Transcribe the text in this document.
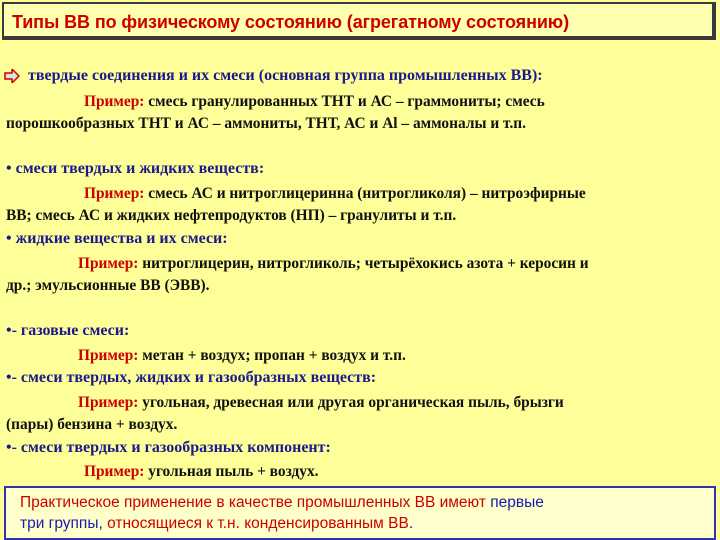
Типы ВВ по физическому состоянию (агрегатному состоянию)
твердые соединения и их смеси (основная группа промышленных ВВ):
Пример: смесь гранулированных ТНТ и АС – граммониты; смесь
порошкообразных ТНТ и АС – аммониты, ТНТ, АС и Al – аммоналы и т.п.
• смеси твердых и жидких веществ:
Пример: смесь АС и нитроглицеринна (нитрогликоля) – нитроэфирные
ВВ; смесь АС и жидких нефтепродуктов (НП) – гранулиты и т.п.
• жидкие вещества и их смеси:
Пример: нитроглицерин, нитрогликоль; четырёхокись азота + керосин и
др.; эмульсионные ВВ (ЭВВ).
•- газовые смеси:
Пример: метан + воздух; пропан + воздух и т.п.
•- смеси твердых, жидких и газообразных веществ:
Пример: угольная, древесная или другая органическая пыль, брызги
(пары) бензина + воздух.
•- смеси твердых и газообразных компонент:
Пример: угольная пыль + воздух.
Практическое применение в качестве промышленных ВВ имеют первые
три группы, относящиеся к т.н. конденсированным ВВ.
